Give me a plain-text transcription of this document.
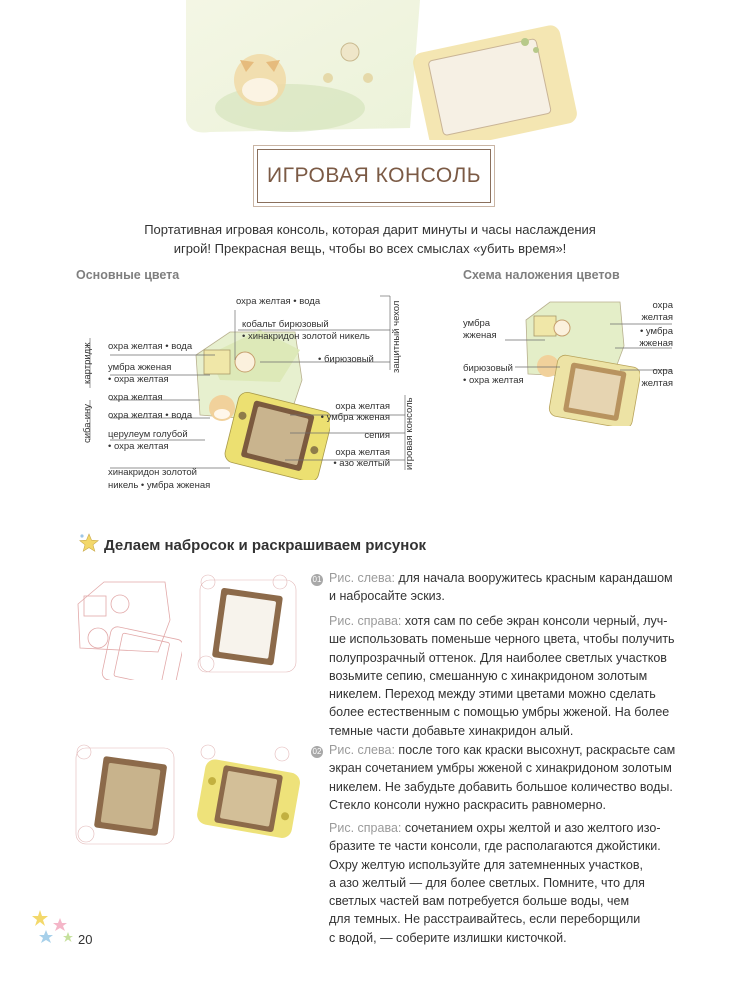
ИГРОВАЯ КОНСОЛЬ
Портативная игровая консоль, которая дарит минуты и часы наслаждения
игрой! Прекрасная вещь, чтобы во всех смыслах «убить время»!
Основные цвета
картридж
сиба-ину
защитный чехол
игровая консоль
охра желтая • вода
умбра жженая
• охра желтая
охра желтая
охра желтая • вода
церулеум голубой
• охра желтая
хинакридон золотой
никель • умбра жженая
охра желтая • вода
кобальт бирюзовый
• хинакридон золотой никель
• бирюзовый
охра желтая
• умбра жженая
сепия
охра желтая
• азо желтый
Схема наложения цветов
умбра
жженая
бирюзовый
• охра желтая
охра
желтая
• умбра
жженая
охра
желтая
Делаем набросок и раскрашиваем рисунок
01 Рис. слева: для начала вооружитесь красным карандашом
и набросайте эскиз.
Рис. справа: хотя сам по себе экран консоли черный, луч-
ше использовать поменьше черного цвета, чтобы получить
полупрозрачный оттенок. Для наиболее светлых участков
возьмите сепию, смешанную с хинакридоном золотым
никелем. Переход между этими цветами можно сделать
более естественным с помощью умбры жженой. На более
темные части добавьте хинакридон алый.
02 Рис. слева: после того как краски высохнут, раскрасьте сам
экран сочетанием умбры жженой с хинакридоном золотым
никелем. Не забудьте добавить большое количество воды.
Стекло консоли нужно раскрасить равномерно.
Рис. справа: сочетанием охры желтой и азо желтого изо-
бразите те части консоли, где располагаются джойстики.
Охру желтую используйте для затемненных участков,
а азо желтый — для более светлых. Помните, что для
светлых частей вам потребуется больше воды, чем
для темных. Не расстраивайтесь, если переборщили
с водой, — соберите излишки кисточкой.
20
